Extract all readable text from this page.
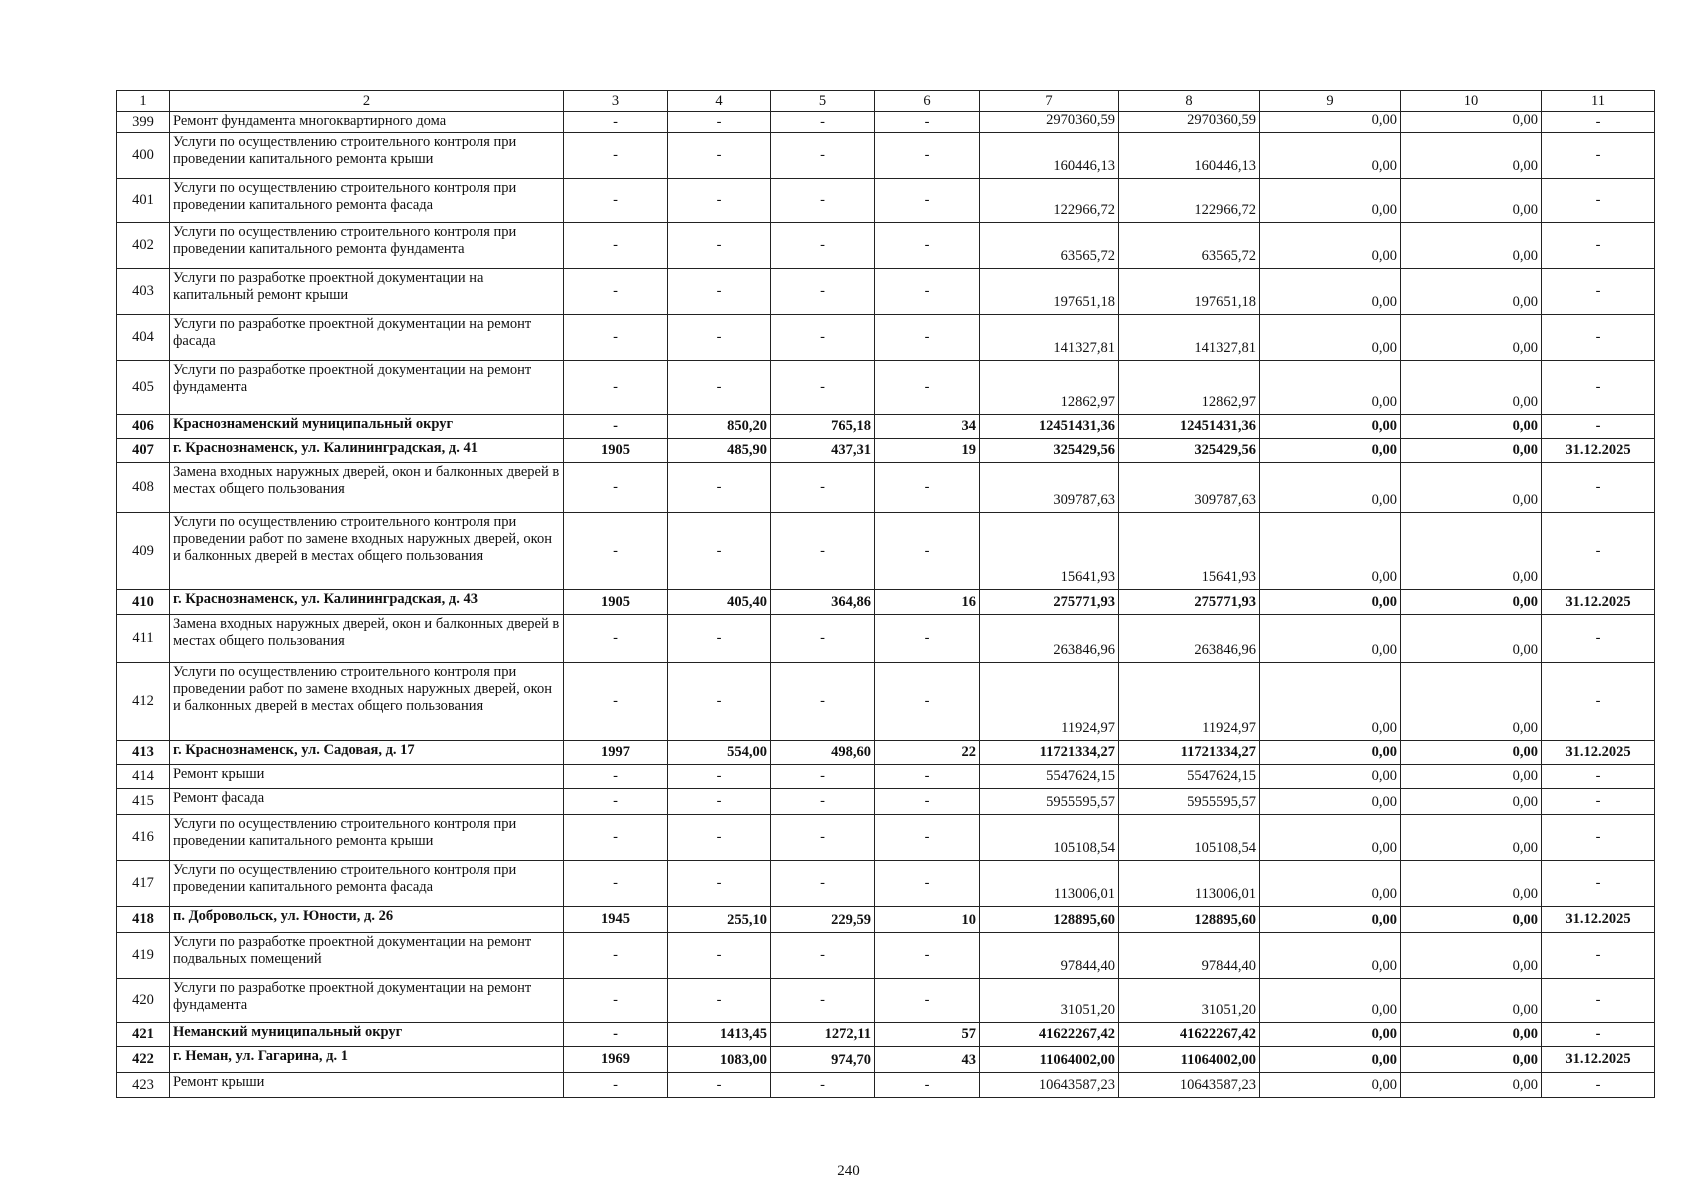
1	2	3	4	5	6	7	8	9	10	11
399	Ремонт фундамента многоквартирного дома	-	-	-	-	2970360,59	2970360,59	0,00	0,00	-
400	Услуги по осуществлению строительного контроля при проведении капитального ремонта крыши	-	-	-	-	160446,13	160446,13	0,00	0,00	-
401	Услуги по осуществлению строительного контроля при проведении капитального ремонта фасада	-	-	-	-	122966,72	122966,72	0,00	0,00	-
402	Услуги по осуществлению строительного контроля при проведении капитального ремонта фундамента	-	-	-	-	63565,72	63565,72	0,00	0,00	-
403	Услуги по разработке проектной документации на капитальный ремонт крыши	-	-	-	-	197651,18	197651,18	0,00	0,00	-
404	Услуги по разработке проектной документации на ремонт фасада	-	-	-	-	141327,81	141327,81	0,00	0,00	-
405	Услуги по разработке проектной документации на ремонт фундамента	-	-	-	-	12862,97	12862,97	0,00	0,00	-
406	Краснознаменский муниципальный округ	-	850,20	765,18	34	12451431,36	12451431,36	0,00	0,00	-
407	г. Краснознаменск, ул. Калининградская, д. 41	1905	485,90	437,31	19	325429,56	325429,56	0,00	0,00	31.12.2025
408	Замена входных наружных дверей, окон и балконных дверей в местах общего пользования	-	-	-	-	309787,63	309787,63	0,00	0,00	-
409	Услуги по осуществлению строительного контроля при проведении работ по замене входных наружных дверей, окон и балконных дверей в местах общего пользования	-	-	-	-	15641,93	15641,93	0,00	0,00	-
410	г. Краснознаменск, ул. Калининградская, д. 43	1905	405,40	364,86	16	275771,93	275771,93	0,00	0,00	31.12.2025
411	Замена входных наружных дверей, окон и балконных дверей в местах общего пользования	-	-	-	-	263846,96	263846,96	0,00	0,00	-
412	Услуги по осуществлению строительного контроля при проведении работ по замене входных наружных дверей, окон и балконных дверей в местах общего пользования	-	-	-	-	11924,97	11924,97	0,00	0,00	-
413	г. Краснознаменск, ул. Садовая, д. 17	1997	554,00	498,60	22	11721334,27	11721334,27	0,00	0,00	31.12.2025
414	Ремонт крыши	-	-	-	-	5547624,15	5547624,15	0,00	0,00	-
415	Ремонт фасада	-	-	-	-	5955595,57	5955595,57	0,00	0,00	-
416	Услуги по осуществлению строительного контроля при проведении капитального ремонта крыши	-	-	-	-	105108,54	105108,54	0,00	0,00	-
417	Услуги по осуществлению строительного контроля при проведении капитального ремонта фасада	-	-	-	-	113006,01	113006,01	0,00	0,00	-
418	п. Добровольск, ул. Юности, д. 26	1945	255,10	229,59	10	128895,60	128895,60	0,00	0,00	31.12.2025
419	Услуги по разработке проектной документации на ремонт подвальных помещений	-	-	-	-	97844,40	97844,40	0,00	0,00	-
420	Услуги по разработке проектной документации на ремонт фундамента	-	-	-	-	31051,20	31051,20	0,00	0,00	-
421	Неманский муниципальный округ	-	1413,45	1272,11	57	41622267,42	41622267,42	0,00	0,00	-
422	г. Неман, ул. Гагарина, д. 1	1969	1083,00	974,70	43	11064002,00	11064002,00	0,00	0,00	31.12.2025
423	Ремонт крыши	-	-	-	-	10643587,23	10643587,23	0,00	0,00	-
240
